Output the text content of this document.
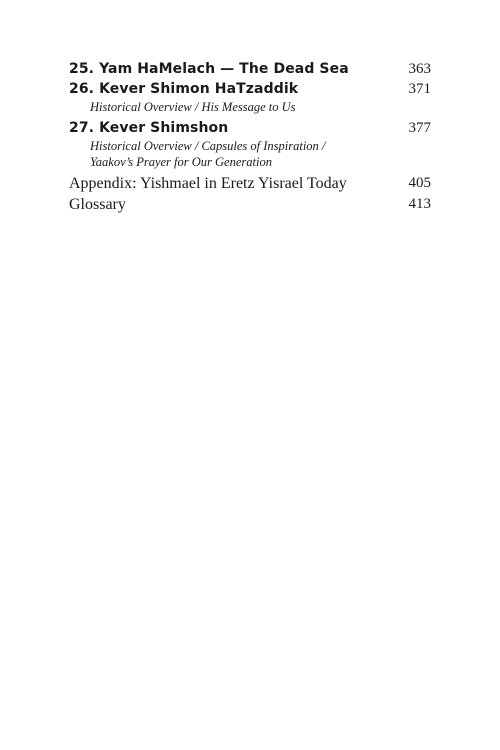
25. Yam HaMelach — The Dead Sea	363
26. Kever Shimon HaTzaddik	371
Historical Overview / His Message to Us
27. Kever Shimshon	377
Historical Overview / Capsules of Inspiration /
Yaakov’s Prayer for Our Generation
Appendix: Yishmael in Eretz Yisrael Today	405
Glossary	413
